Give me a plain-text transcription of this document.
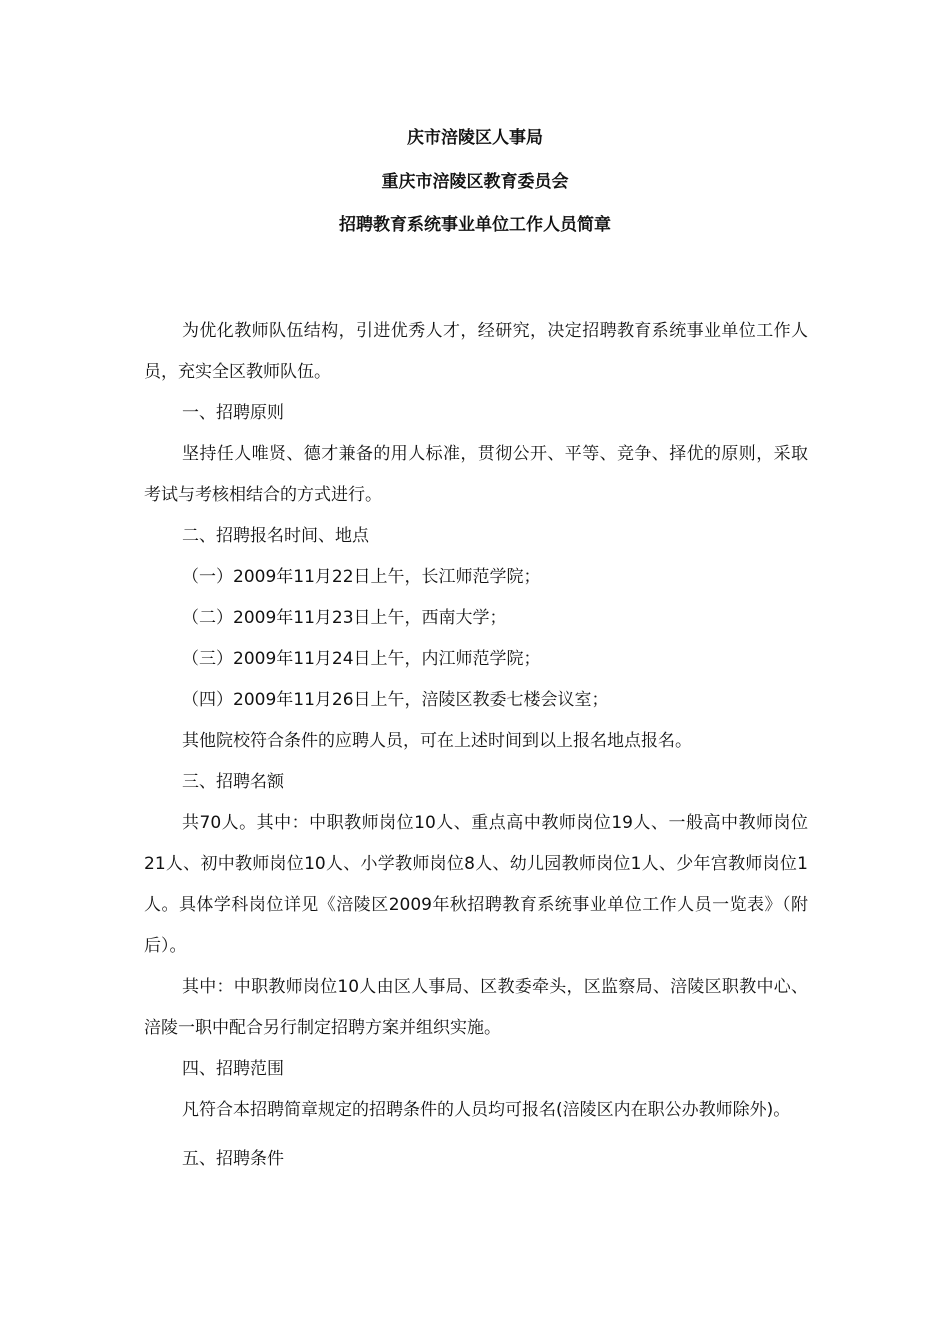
庆市涪陵区人事局
重庆市涪陵区教育委员会
招聘教育系统事业单位工作人员简章

为优化教师队伍结构，引进优秀人才，经研究，决定招聘教育系统事业单位工作人员，充实全区教师队伍。

一、招聘原则

坚持任人唯贤、德才兼备的用人标准，贯彻公开、平等、竞争、择优的原则，采取考试与考核相结合的方式进行。

二、招聘报名时间、地点

（一）2009年11月22日上午，长江师范学院；

（二）2009年11月23日上午，西南大学；

（三）2009年11月24日上午，内江师范学院；

（四）2009年11月26日上午，涪陵区教委七楼会议室；

其他院校符合条件的应聘人员，可在上述时间到以上报名地点报名。

三、招聘名额

共70人。其中：中职教师岗位10人、重点高中教师岗位19人、一般高中教师岗位21人、初中教师岗位10人、小学教师岗位8人、幼儿园教师岗位1人、少年宫教师岗位1人。具体学科岗位详见《涪陵区2009年秋招聘教育系统事业单位工作人员一览表》（附后）。

其中：中职教师岗位10人由区人事局、区教委牵头，区监察局、涪陵区职教中心、涪陵一职中配合另行制定招聘方案并组织实施。

四、招聘范围

凡符合本招聘简章规定的招聘条件的人员均可报名(涪陵区内在职公办教师除外)。

五、招聘条件
